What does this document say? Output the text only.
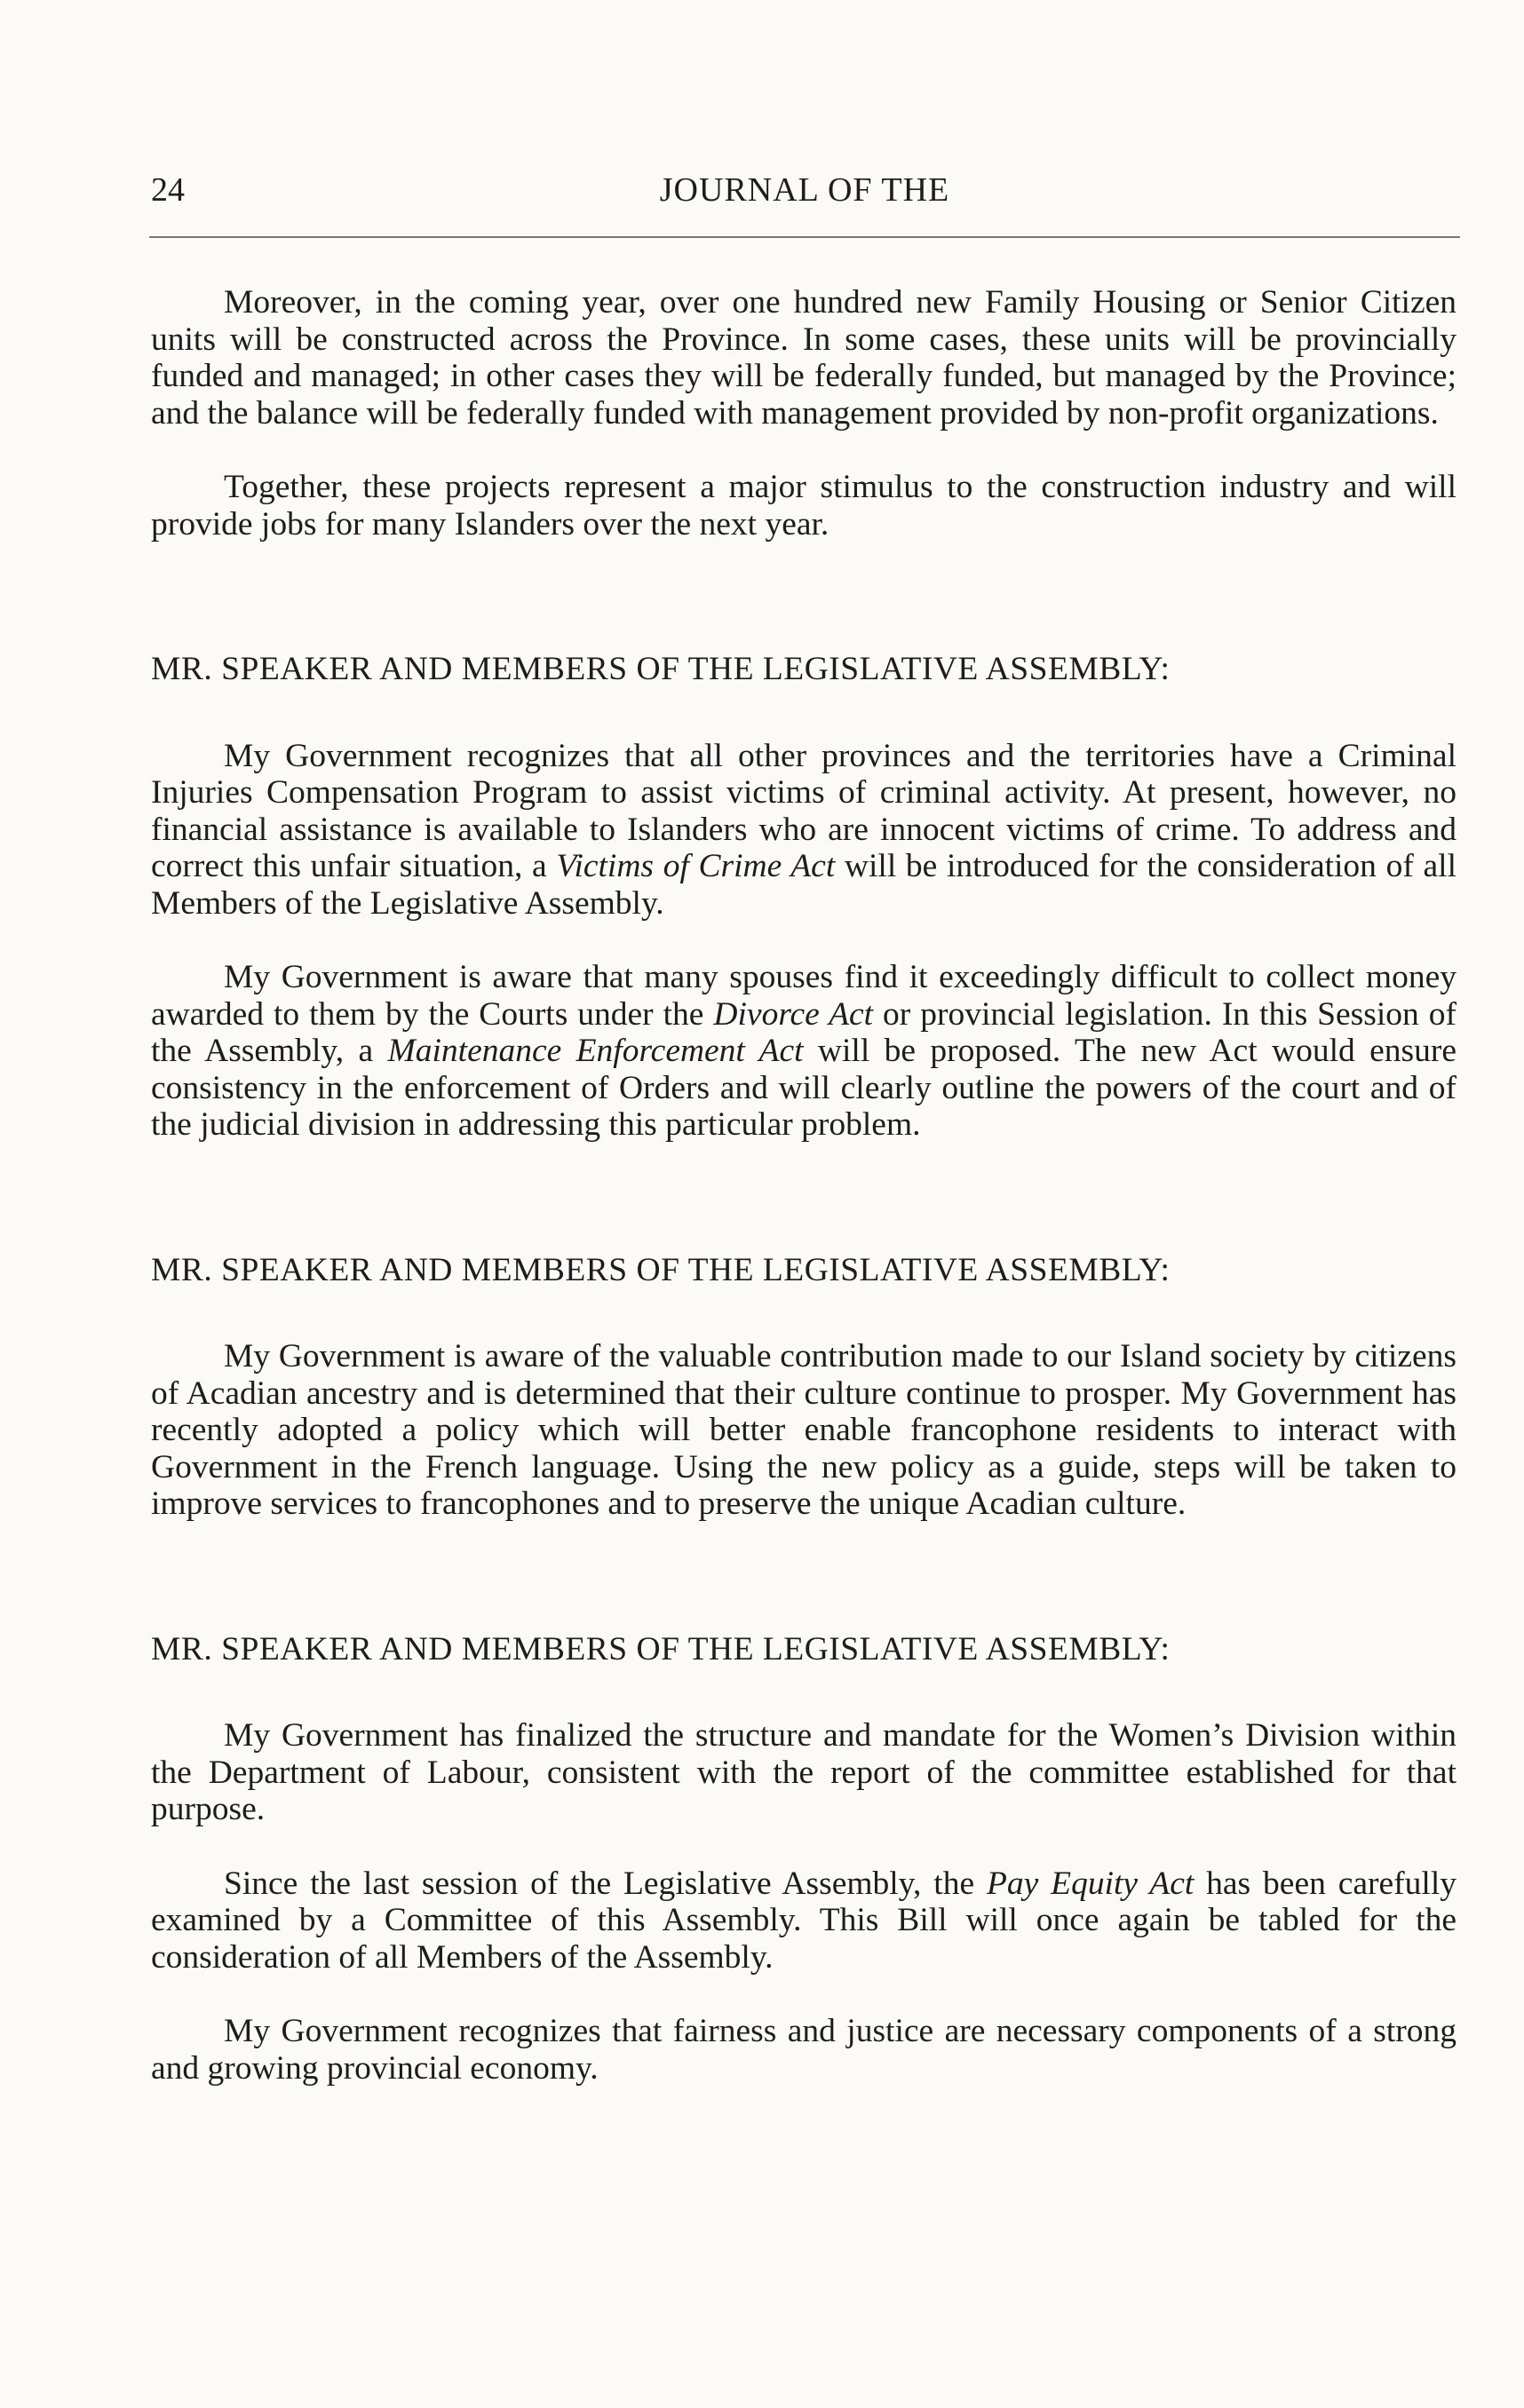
24	JOURNAL OF THE

Moreover, in the coming year, over one hundred new Family Housing or Senior Citizen units will be constructed across the Province. In some cases, these units will be provincially funded and managed; in other cases they will be federally funded, but managed by the Province; and the balance will be federally funded with management provided by non-profit organizations.

Together, these projects represent a major stimulus to the construction industry and will provide jobs for many Islanders over the next year.

MR. SPEAKER AND MEMBERS OF THE LEGISLATIVE ASSEMBLY:

My Government recognizes that all other provinces and the territories have a Criminal Injuries Compensation Program to assist victims of criminal activity. At present, however, no financial assistance is available to Islanders who are innocent victims of crime. To address and correct this unfair situation, a Victims of Crime Act will be introduced for the consideration of all Members of the Legislative Assembly.

My Government is aware that many spouses find it exceedingly difficult to collect money awarded to them by the Courts under the Divorce Act or provincial legislation. In this Session of the Assembly, a Maintenance Enforcement Act will be proposed. The new Act would ensure consistency in the enforcement of Orders and will clearly outline the powers of the court and of the judicial division in addressing this particular problem.

MR. SPEAKER AND MEMBERS OF THE LEGISLATIVE ASSEMBLY:

My Government is aware of the valuable contribution made to our Island society by citizens of Acadian ancestry and is determined that their culture continue to prosper. My Government has recently adopted a policy which will better enable francophone residents to interact with Government in the French language. Using the new policy as a guide, steps will be taken to improve services to francophones and to preserve the unique Acadian culture.

MR. SPEAKER AND MEMBERS OF THE LEGISLATIVE ASSEMBLY:

My Government has finalized the structure and mandate for the Women’s Division within the Department of Labour, consistent with the report of the committee established for that purpose.

Since the last session of the Legislative Assembly, the Pay Equity Act has been carefully examined by a Committee of this Assembly. This Bill will once again be tabled for the consideration of all Members of the Assembly.

My Government recognizes that fairness and justice are necessary components of a strong and growing provincial economy.
